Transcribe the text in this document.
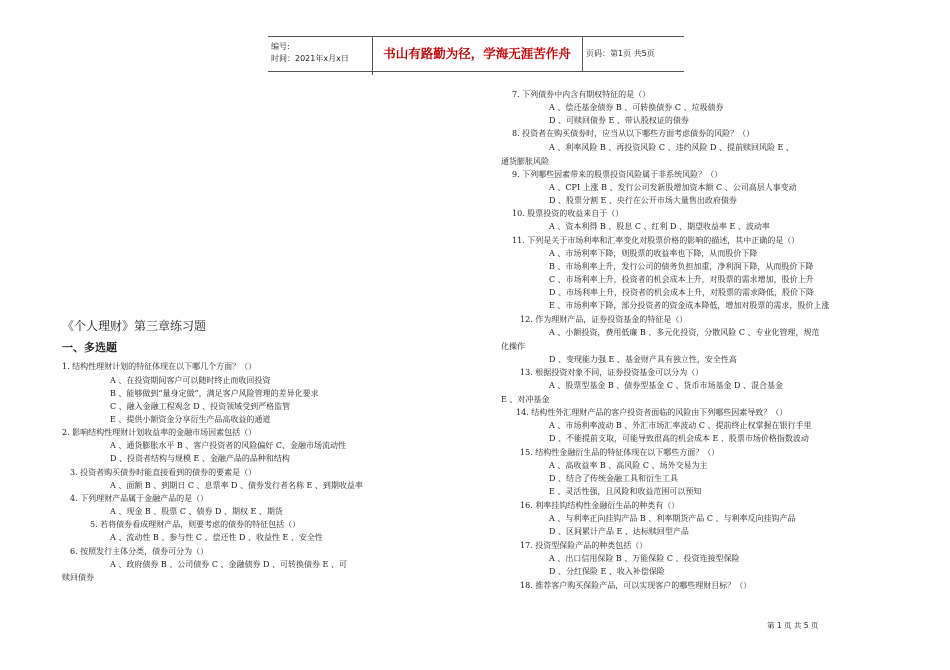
编号:
时间：2021年x月x日	书山有路勤为径，学海无涯苦作舟	页码：第1页 共5页
《个人理财》第三章练习题
一、多选题
1. 结构性理财计划的特征体现在以下哪几个方面？（）
A 、在投资期间客户可以随时终止而收回投资
B 、能够做到“量身定做”，满足客户风险管理的差异化要求
C 、融入金融工程观念 D 、投资领域受到严格监管
E 、提供小额资金分享衍生产品高收益的通道
2. 影响结构性理财计划收益率的金融市场因素包括（）
A 、通货膨胀水平 B 、客户投资者的风险偏好 C、金融市场流动性
D 、投资者结构与规模 E 、金融产品的品种和结构
3. 投资者购买债券时能直接看到的债券的要素是（）
A 、面额 B 、到期日 C 、息票率 D 、债券发行者名称 E 、到期收益率
4. 下列理财产品属于金融产品的是（）
A 、现金 B 、股票 C 、债券 D 、期权 E 、期货
5. 若将债券看成理财产品，则要考虑的债券的特征包括（）
A 、流动性 B 、参与性 C 、偿还性 D 、收益性 E 、安全性
6. 按照发行主体分类，债券可分为（）
A 、政府债券 B 、公司债券 C 、金融债券 D 、可转换债券 E 、可
赎回债券
7. 下列债券中内含有期权特征的是（）
A 、偿还基金债券 B 、可转换债券 C 、垃圾债券
D 、可赎回债券 E 、带认股权证的债券
8. 投资者在购买债券时，应当从以下哪些方面考虑债券的风险？（）
A 、利率风险 B 、再投资风险 C 、违约风险 D 、提前赎回风险 E 、
通货膨胀风险
9. 下列哪些因素带来的股票投资风险属于非系统风险？（）
A 、CPI 上涨 B 、发行公司发新股增加资本额 C 、公司高层人事变动
D 、股票分割 E 、央行在公开市场大量售出政府债券
10. 股票投资的收益来自于（）
A 、资本利得 B 、股息 C 、红利 D 、期望收益率 E 、波动率
11. 下列是关于市场利率和汇率变化对股票价格的影响的描述，其中正确的是（）
A 、市场利率下降，则股票的收益率也下降，从而股价下降
B 、市场利率上升，发行公司的债务负担加重，净利润下降，从而股价下降
C 、市场利率上升，投资者的机会成本上升，对股票的需求增加，股价上升
D 、市场利率上升，投资者的机会成本上升，对股票的需求降低，股价下降
E 、市场利率下降，部分投资者的资金成本降低，增加对股票的需求，股价上涨
12. 作为理财产品，证券投资基金的特征是（）
A 、小额投资，费用低廉 B 、多元化投资，分散风险 C 、专业化管理，规范
化操作
D 、变现能力强 E 、基金财产具有独立性，安全性高
13. 根据投资对象不同，证券投资基金可以分为（）
A 、股票型基金 B 、债券型基金 C 、货币市场基金 D 、混合基金
E 、对冲基金
14. 结构性外汇理财产品的客户投资者面临的风险由下列哪些因素导致？（）
A 、市场利率波动 B 、外汇市场汇率波动 C 、提前终止权掌握在银行手里
D 、不能提前支取，可能导致很高的机会成本 E 、股票市场价格指数波动
15. 结构性金融衍生品的特征体现在以下哪些方面？（）
A 、高收益率 B 、高风险 C 、场外交易为主
D 、结合了传统金融工具和衍生工具
E 、灵活性强，且风险和收益范围可以预知
16. 利率挂钩结构性金融衍生品的种类有（）
A 、与利率正向挂钩产品 B 、利率期货产品 C 、与利率反向挂钩产品
D 、区间累计产品 E 、达标赎回型产品
17. 投资型保险产品的种类包括（）
A 、出口信用保险 B 、万能保险 C 、投资连接型保险
D 、分红保险 E 、收入补偿保险
18. 推荐客户购买保险产品，可以实现客户的哪些理财目标？（）
第 1 页 共 5 页
